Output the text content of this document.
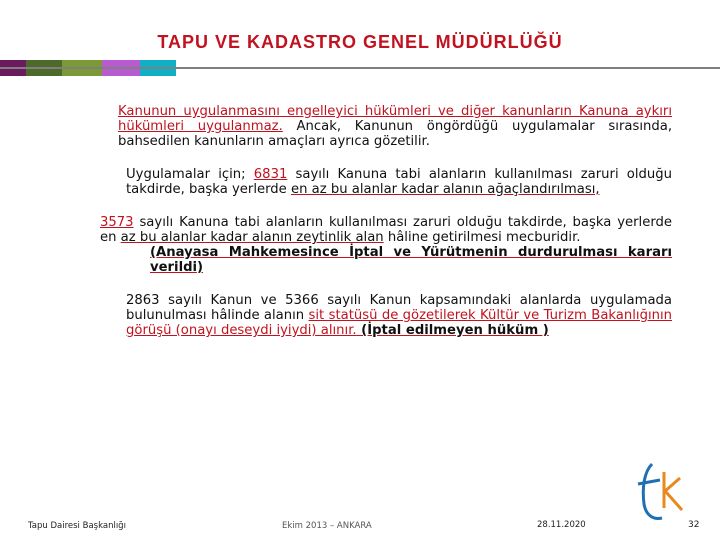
TAPU VE KADASTRO GENEL MÜDÜRLÜĞÜ

Kanunun uygulanmasını engelleyici hükümleri ve diğer kanunların Kanuna aykırı hükümleri uygulanmaz. Ancak, Kanunun öngördüğü uygulamalar sırasında, bahsedilen kanunların amaçları ayrıca gözetilir.

Uygulamalar için; 6831 sayılı Kanuna tabi alanların kullanılması zaruri olduğu takdirde, başka yerlerde en az bu alanlar kadar alanın ağaçlandırılması,

3573 sayılı Kanuna tabi alanların kullanılması zaruri olduğu takdirde, başka yerlerde en az bu alanlar kadar alanın zeytinlik alan hâline getirilmesi mecburidir.
(Anayasa Mahkemesince İptal ve Yürütmenin durdurulması kararı verildi)

2863 sayılı Kanun ve 5366 sayılı Kanun kapsamındaki alanlarda uygulamada bulunulması hâlinde alanın sit statüsü de gözetilerek Kültür ve Turizm Bakanlığının görüşü (onayı deseydi iyiydi) alınır. (İptal edilmeyen hüküm )

Tapu Dairesi Başkanlığı	Ekim 2013 – ANKARA	28.11.2020	32
